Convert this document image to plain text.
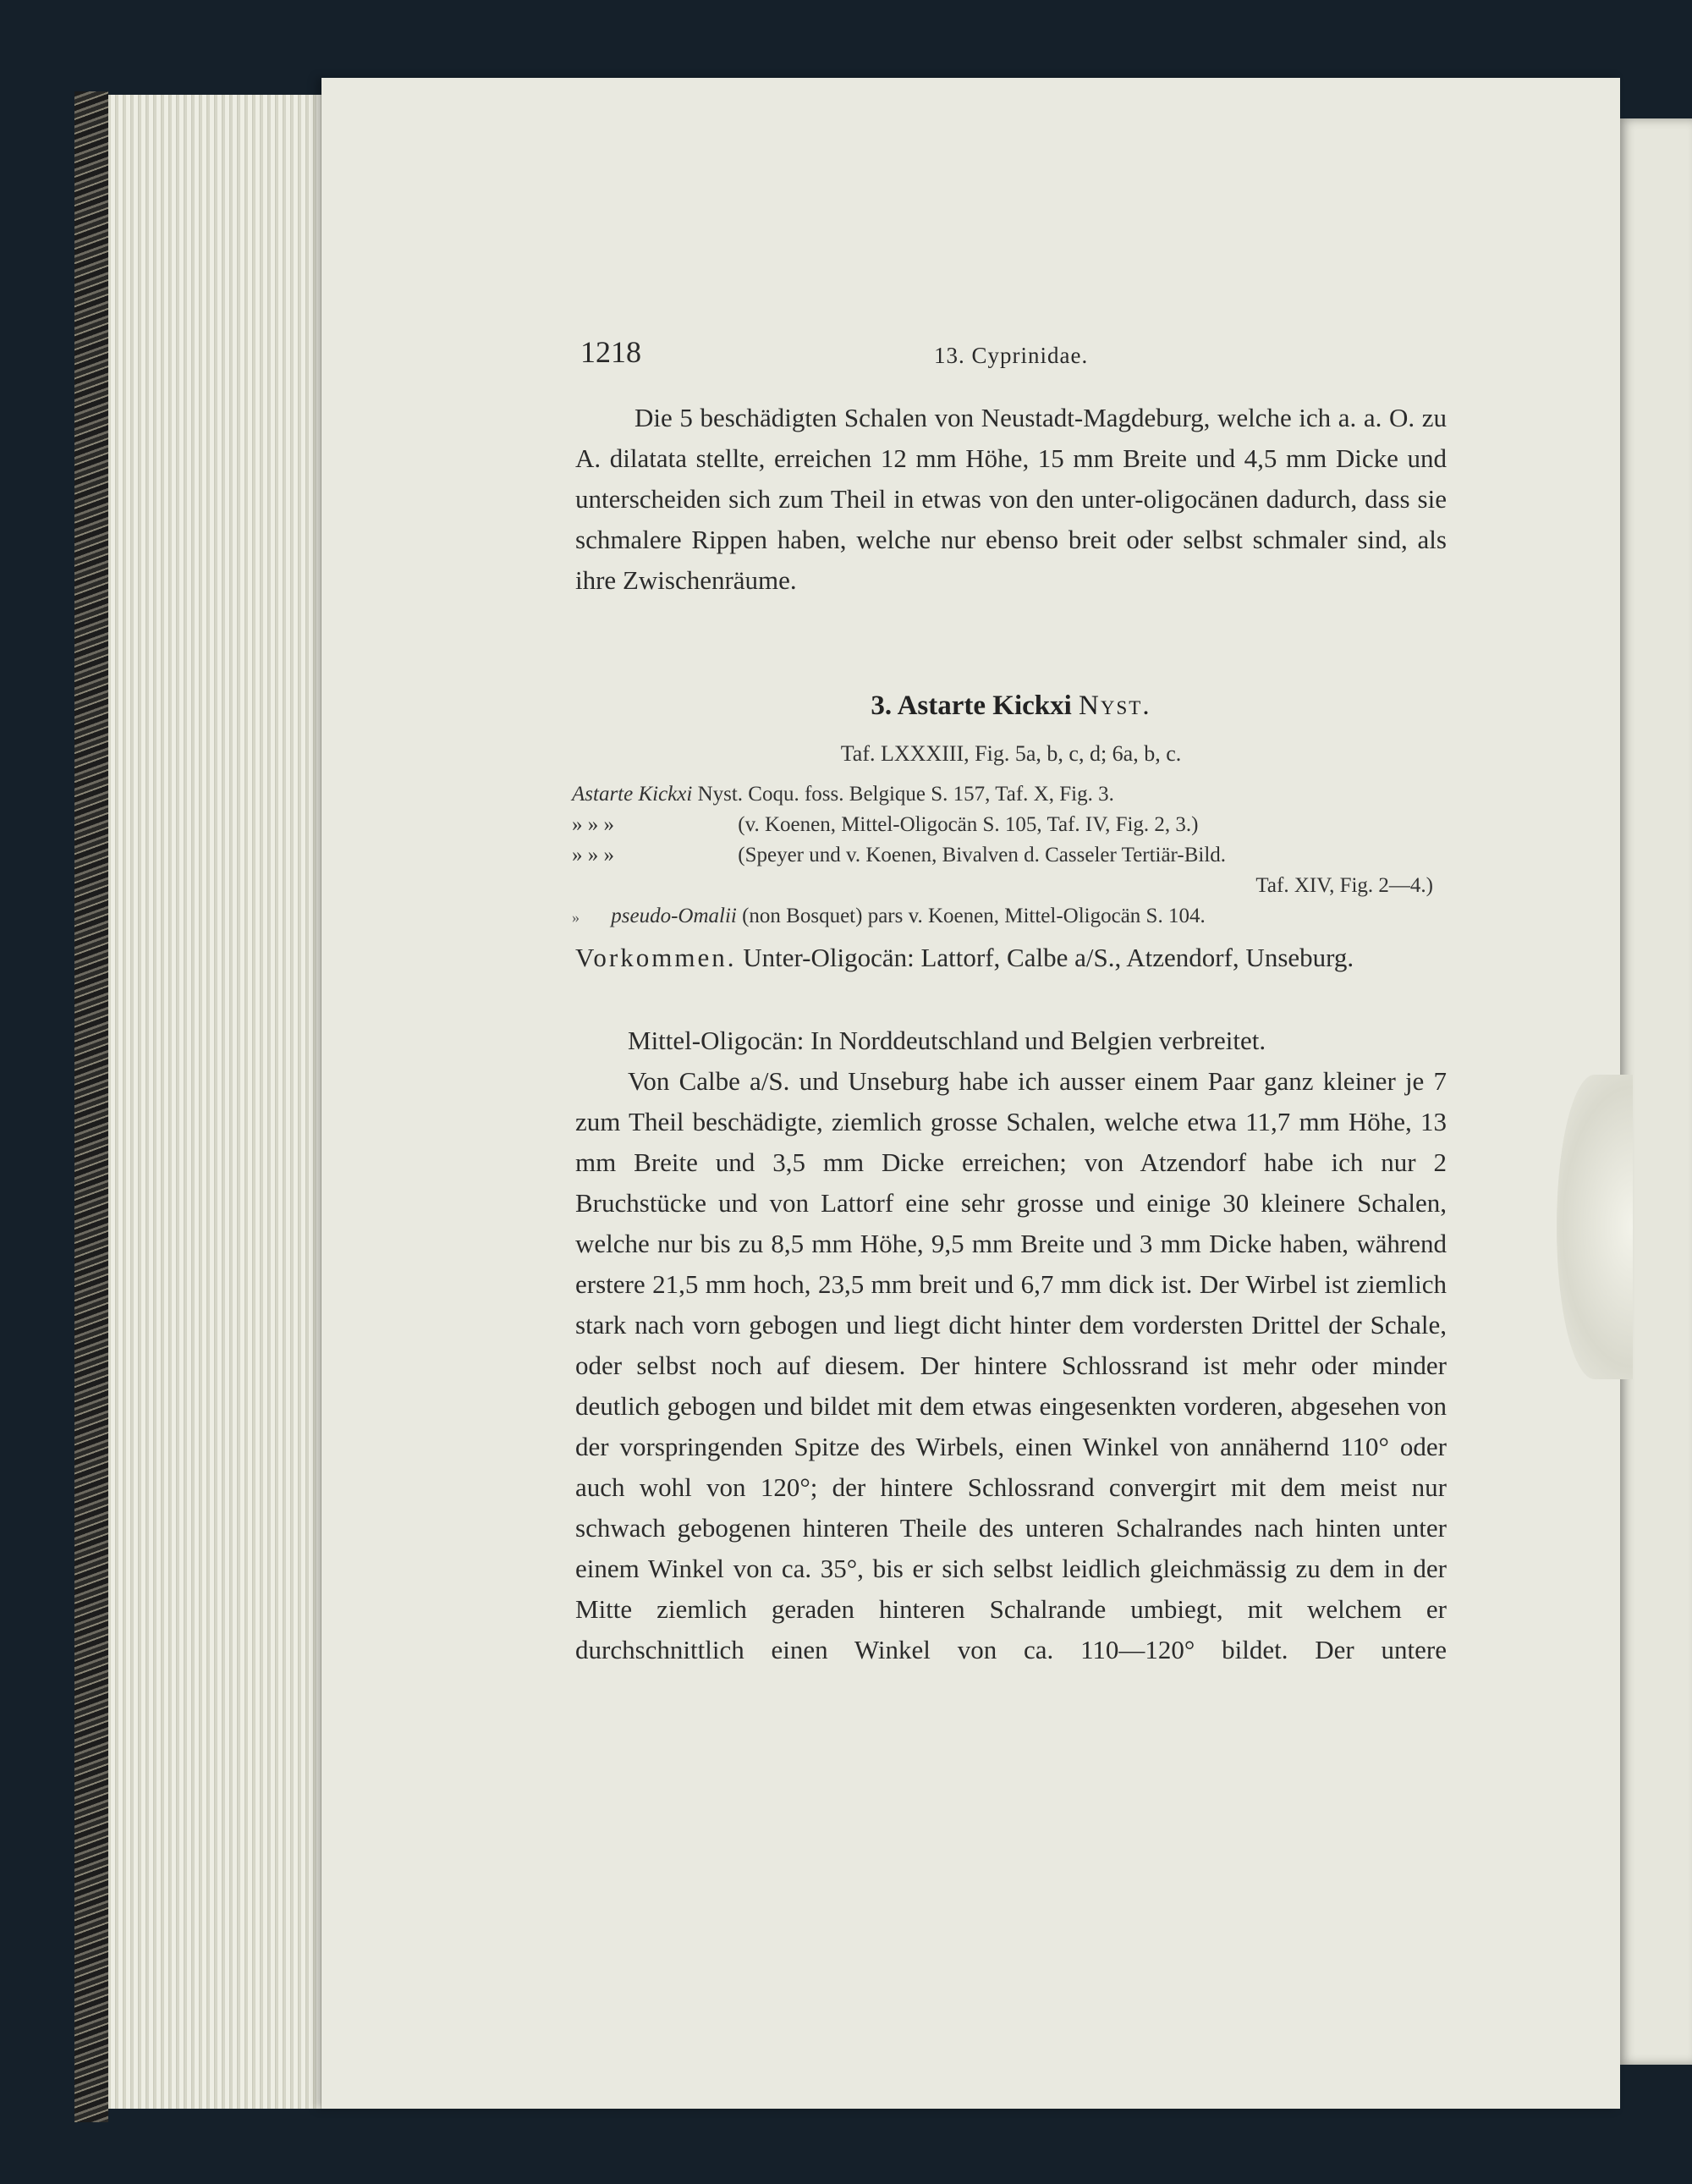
1218	13. Cyprinidae.
Die 5 beschädigten Schalen von Neustadt-Magdeburg, welche ich a. a. O. zu A. dilatata stellte, erreichen 12 mm Höhe, 15 mm Breite und 4,5 mm Dicke und unterscheiden sich zum Theil in etwas von den unter-oligocänen dadurch, dass sie schmalere Rippen haben, welche nur ebenso breit oder selbst schmaler sind, als ihre Zwischenräume.
3. Astarte Kickxi Nyst.
Taf. LXXXIII, Fig. 5a, b, c, d; 6a, b, c.
Astarte Kickxi Nyst. Coqu. foss. Belgique S. 157, Taf. X, Fig. 3.
» » »	(v. Koenen, Mittel-Oligocän S. 105, Taf. IV, Fig. 2, 3.)
» » »	(Speyer und v. Koenen, Bivalven d. Casseler Tertiär-Bild.
Taf. XIV, Fig. 2—4.)
» pseudo-Omalii (non Bosquet) pars v. Koenen, Mittel-Oligocän S. 104.
Vorkommen. Unter-Oligocän: Lattorf, Calbe a/S., Atzendorf, Unseburg.
Mittel-Oligocän: In Norddeutschland und Belgien verbreitet.
Von Calbe a/S. und Unseburg habe ich ausser einem Paar ganz kleiner je 7 zum Theil beschädigte, ziemlich grosse Schalen, welche etwa 11,7 mm Höhe, 13 mm Breite und 3,5 mm Dicke erreichen; von Atzendorf habe ich nur 2 Bruchstücke und von Lattorf eine sehr grosse und einige 30 kleinere Schalen, welche nur bis zu 8,5 mm Höhe, 9,5 mm Breite und 3 mm Dicke haben, während erstere 21,5 mm hoch, 23,5 mm breit und 6,7 mm dick ist. Der Wirbel ist ziemlich stark nach vorn gebogen und liegt dicht hinter dem vordersten Drittel der Schale, oder selbst noch auf diesem. Der hintere Schlossrand ist mehr oder minder deutlich gebogen und bildet mit dem etwas eingesenkten vorderen, abgesehen von der vorspringenden Spitze des Wirbels, einen Winkel von annähernd 110° oder auch wohl von 120°; der hintere Schlossrand convergirt mit dem meist nur schwach gebogenen hinteren Theile des unteren Schalrandes nach hinten unter einem Winkel von ca. 35°, bis er sich selbst leidlich gleichmässig zu dem in der Mitte ziemlich geraden hinteren Schalrande umbiegt, mit welchem er durchschnittlich einen Winkel von ca. 110—120° bildet. Der untere
